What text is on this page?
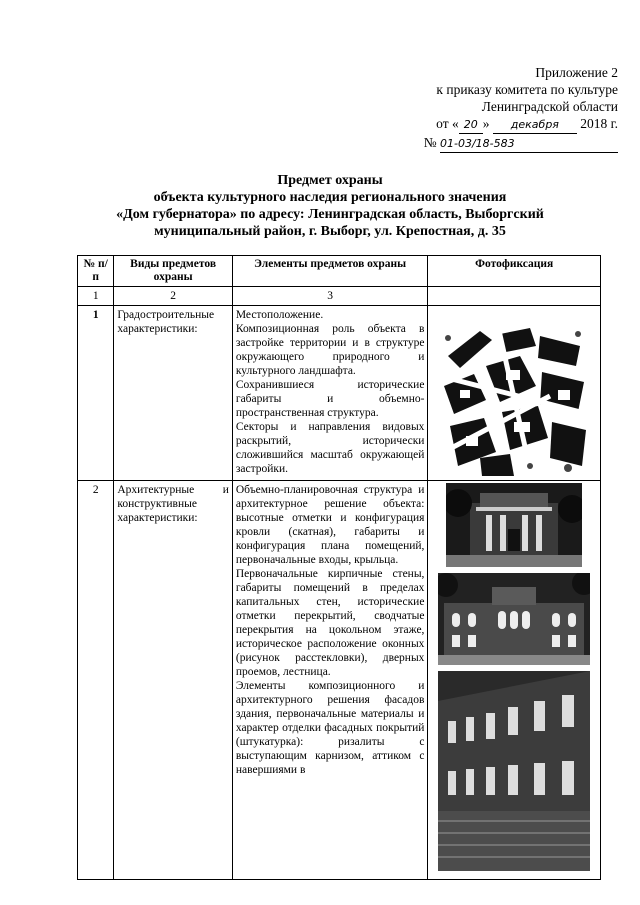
Приложение 2
к приказу комитета по культуре
Ленинградской области
от « 20 » декабря 2018 г.
№ 01-03/18-583
Предмет охраны
объекта культурного наследия регионального значения
«Дом губернатора» по адресу: Ленинградская область, Выборгский
муниципальный район, г. Выборг, ул. Крепостная, д. 35
№ п/п	Виды предметов охраны	Элементы предметов охраны	Фотофиксация
1	2	3	
1	Градостроительные характеристики:	Местоположение.
Композиционная роль объекта в застройке территории и в структуре окружающего природного и культурного ландшафта.
Сохранившиеся исторические габариты и объемно-пространственная структура.
Секторы и направления видовых раскрытий, исторически сложившийся масштаб окружающей застройки.

2	Архитектурные и конструктивные характеристики:	Объемно-планировочная структура и архитектурное решение объекта: высотные отметки и конфигурация кровли (скатная), габариты и конфигурация плана помещений, первоначальные входы, крыльца.
Первоначальные кирпичные стены, габариты помещений в пределах капитальных стен, исторические отметки перекрытий, сводчатые перекрытия на цокольном этаже, историческое расположение оконных (рисунок расстекловки), дверных проемов, лестница.
Элементы композиционного и архитектурного решения фасадов здания, первоначальные материалы и характер отделки фасадных покрытий (штукатурка): ризалиты с выступающим карнизом, аттиком с навершиями в
